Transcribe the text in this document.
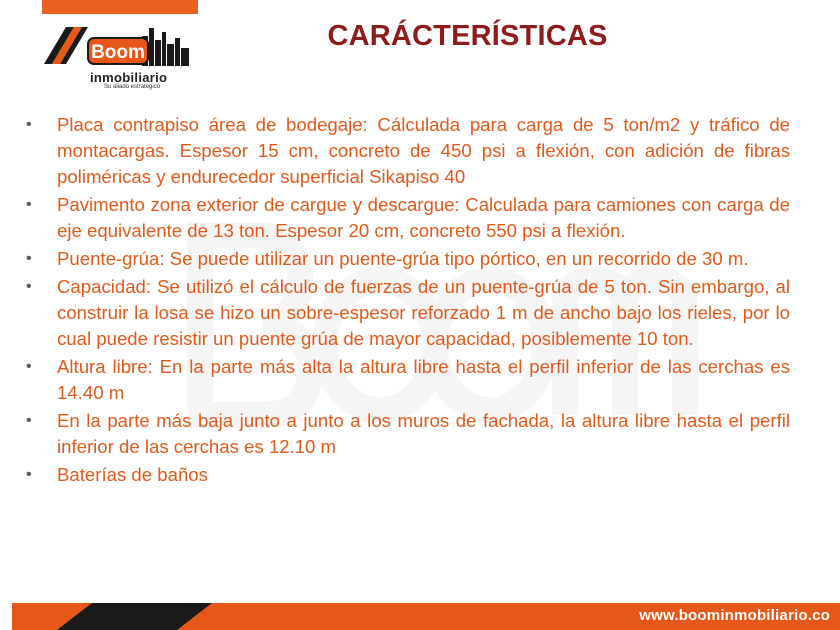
Boom
inmobiliario
Su aliado estratégico
CARÁCTERÍSTICAS
• Placa contrapiso área de bodegaje: Cálculada para carga de 5 ton/m2 y tráfico de montacargas. Espesor 15 cm, concreto de 450 psi a flexión, con adición de fibras poliméricas y endurecedor superficial Sikapiso 40
• Pavimento zona exterior de cargue y descargue: Calculada para camiones con carga de eje equivalente de 13 ton. Espesor 20 cm, concreto 550 psi a flexión.
• Puente-grúa: Se puede utilizar un puente-grúa tipo pórtico, en un recorrido de 30 m.
• Capacidad: Se utilizó el cálculo de fuerzas de un puente-grúa de 5 ton. Sin embargo, al construir la losa se hizo un sobre-espesor reforzado 1 m de ancho bajo los rieles, por lo cual puede resistir un puente grúa de mayor capacidad, posiblemente 10 ton.
• Altura libre: En la parte más alta la altura libre hasta el perfil inferior de las cerchas es 14.40 m
• En la parte más baja junto a junto a los muros de fachada, la altura libre hasta el perfil inferior de las cerchas es 12.10 m
• Baterías de baños
www.boominmobiliario.co
